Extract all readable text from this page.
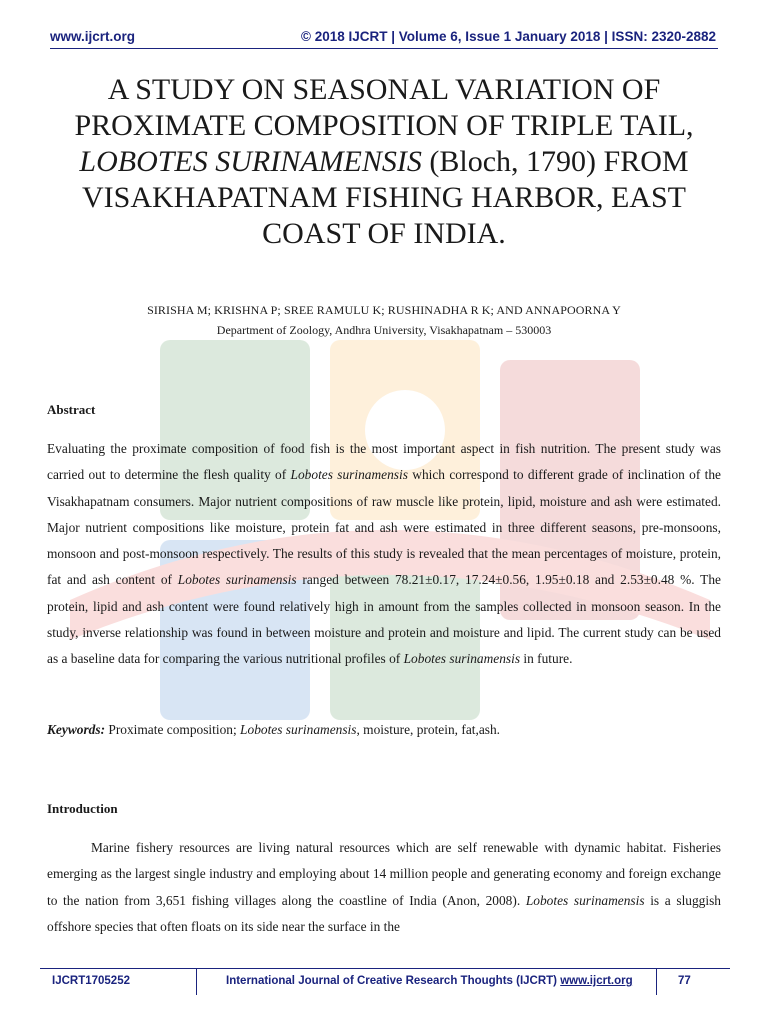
www.ijcrt.org	© 2018 IJCRT | Volume 6, Issue 1 January 2018 | ISSN: 2320-2882
A STUDY ON SEASONAL VARIATION OF PROXIMATE COMPOSITION OF TRIPLE TAIL,
LOBOTES SURINAMENSIS (Bloch, 1790) FROM VISAKHAPATNAM FISHING HARBOR, EAST COAST OF INDIA.
SIRISHA M; KRISHNA P; SREE RAMULU K; RUSHINADHA R K; AND ANNAPOORNA Y
Department of Zoology, Andhra University, Visakhapatnam – 530003
Abstract

Evaluating the proximate composition of food fish is the most important aspect in fish nutrition. The present study was carried out to determine the flesh quality of Lobotes surinamensis which correspond to different grade of inclination of the Visakhapatnam consumers. Major nutrient compositions of raw muscle like protein, lipid, moisture and ash were estimated. Major nutrient compositions like moisture, protein fat and ash were estimated in three different seasons, pre-monsoons, monsoon and post-monsoon respectively. The results of this study is revealed that the mean percentages of moisture, protein, fat and ash content of Lobotes surinamensis ranged between 78.21±0.17, 17.24±0.56, 1.95±0.18 and 2.53±0.48 %. The protein, lipid and ash content were found relatively high in amount from the samples collected in monsoon season. In the study, inverse relationship was found in between moisture and protein and moisture and lipid. The current study can be used as a baseline data for comparing the various nutritional profiles of Lobotes surinamensis in future.

Keywords: Proximate composition; Lobotes surinamensis, moisture, protein, fat,ash.

Introduction

Marine fishery resources are living natural resources which are self renewable with dynamic habitat. Fisheries emerging as the largest single industry and employing about 14 million people and generating economy and foreign exchange to the nation from 3,651 fishing villages along the coastline of India (Anon, 2008). Lobotes surinamensis is a sluggish offshore species that often floats on its side near the surface in the

IJCRT1705252	International Journal of Creative Research Thoughts (IJCRT) www.ijcrt.org	77
